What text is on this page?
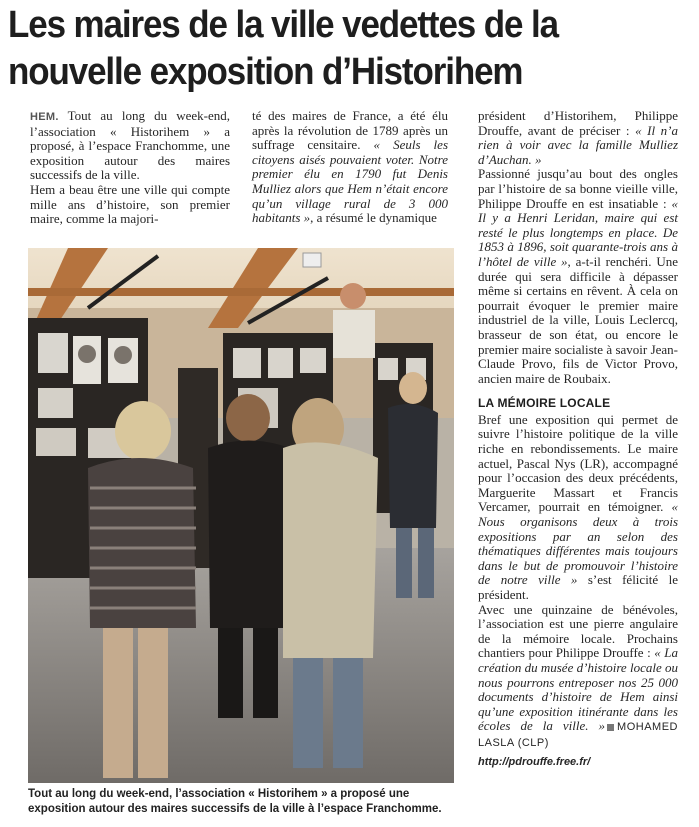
Les maires de la ville vedettes de la
nouvelle exposition d’Historihem

HEM. Tout au long du week-end, l’association « Historihem » a proposé, à l’espace Franchomme, une exposition autour des maires successifs de la ville.

Hem a beau être une ville qui compte mille ans d’histoire, son premier maire, comme la majori-

té des maires de France, a été élu après la révolution de 1789 après un suffrage censitaire. « Seuls les citoyens aisés pouvaient voter. Notre premier élu en 1790 fut Denis Mulliez alors que Hem n’était encore qu’un village rural de 3 000 habitants », a résumé le dynamique

président d’Historihem, Philippe Drouffe, avant de préciser : « Il n’a rien à voir avec la famille Mulliez d’Auchan. »

Passionné jusqu’au bout des ongles par l’histoire de sa bonne vieille ville, Philippe Drouffe en est insatiable : « Il y a Henri Leridan, maire qui est resté le plus longtemps en place. De 1853 à 1896, soit quarante-trois ans à l’hôtel de ville », a-t-il renchéri. Une durée qui sera difficile à dépasser même si certains en rêvent. À cela on pourrait évoquer le premier maire industriel de la ville, Louis Leclercq, brasseur de son état, ou encore le premier maire socialiste à savoir Jean-Claude Provo, fils de Victor Provo, ancien maire de Roubaix.

LA MÉMOIRE LOCALE

Bref une exposition qui permet de suivre l’histoire politique de la ville riche en rebondissements. Le maire actuel, Pascal Nys (LR), accompagné pour l’occasion des deux précédents, Marguerite Massart et Francis Vercamer, pourrait en témoigner. « Nous organisons deux à trois expositions par an selon des thématiques différentes mais toujours dans le but de promouvoir l’histoire de notre ville » s’est félicité le président.

Avec une quinzaine de bénévoles, l’association est une pierre angulaire de la mémoire locale. Prochains chantiers pour Philippe Drouffe : « La création du musée d’histoire locale ou nous pourrons entreposer nos 25 000 documents d’histoire de Hem ainsi qu’une exposition itinérante dans les écoles de la ville. » MOHAMED LASLA (CLP)

http://pdrouffe.free.fr/

Tout au long du week-end, l’association « Historihem » a proposé une exposition autour des maires successifs de la ville à l’espace Franchomme.
